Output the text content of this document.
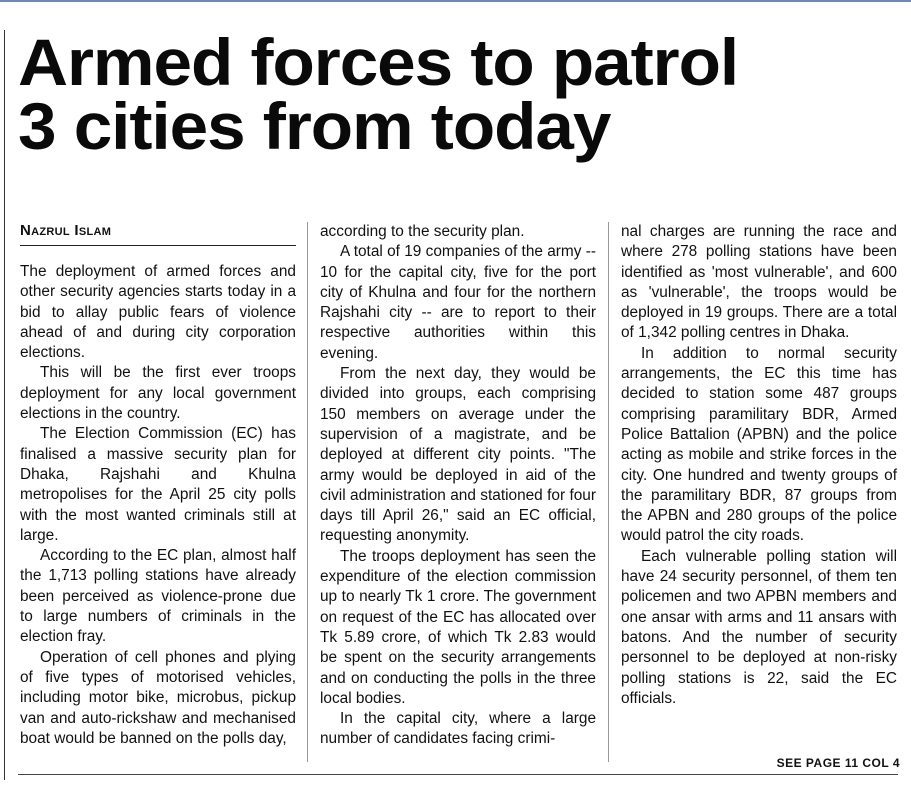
Armed forces to patrol
3 cities from today
Nazrul Islam

The deployment of armed forces and other security agencies starts today in a bid to allay public fears of violence ahead of and during city corporation elections.

This will be the first ever troops deployment for any local government elections in the country.

The Election Commission (EC) has finalised a massive security plan for Dhaka, Rajshahi and Khulna metropolises for the April 25 city polls with the most wanted criminals still at large.

According to the EC plan, almost half the 1,713 polling stations have already been perceived as violence-prone due to large numbers of criminals in the election fray.

Operation of cell phones and plying of five types of motorised vehicles, including motor bike, microbus, pickup van and auto-rickshaw and mechanised boat would be banned on the polls day,

according to the security plan.

A total of 19 companies of the army -- 10 for the capital city, five for the port city of Khulna and four for the northern Rajshahi city -- are to report to their respective authorities within this evening.

From the next day, they would be divided into groups, each comprising 150 members on average under the supervision of a magistrate, and be deployed at different city points. "The army would be deployed in aid of the civil administration and stationed for four days till April 26," said an EC official, requesting anonymity.

The troops deployment has seen the expenditure of the election commission up to nearly Tk 1 crore. The government on request of the EC has allocated over Tk 5.89 crore, of which Tk 2.83 would be spent on the security arrangements and on conducting the polls in the three local bodies.

In the capital city, where a large number of candidates facing crimi-

nal charges are running the race and where 278 polling stations have been identified as 'most vulnerable', and 600 as 'vulnerable', the troops would be deployed in 19 groups. There are a total of 1,342 polling centres in Dhaka.

In addition to normal security arrangements, the EC this time has decided to station some 487 groups comprising paramilitary BDR, Armed Police Battalion (APBN) and the police acting as mobile and strike forces in the city. One hundred and twenty groups of the paramilitary BDR, 87 groups from the APBN and 280 groups of the police would patrol the city roads.

Each vulnerable polling station will have 24 security personnel, of them ten policemen and two APBN members and one ansar with arms and 11 ansars with batons. And the number of security personnel to be deployed at non-risky polling stations is 22, said the EC officials.

SEE PAGE 11 COL 4
